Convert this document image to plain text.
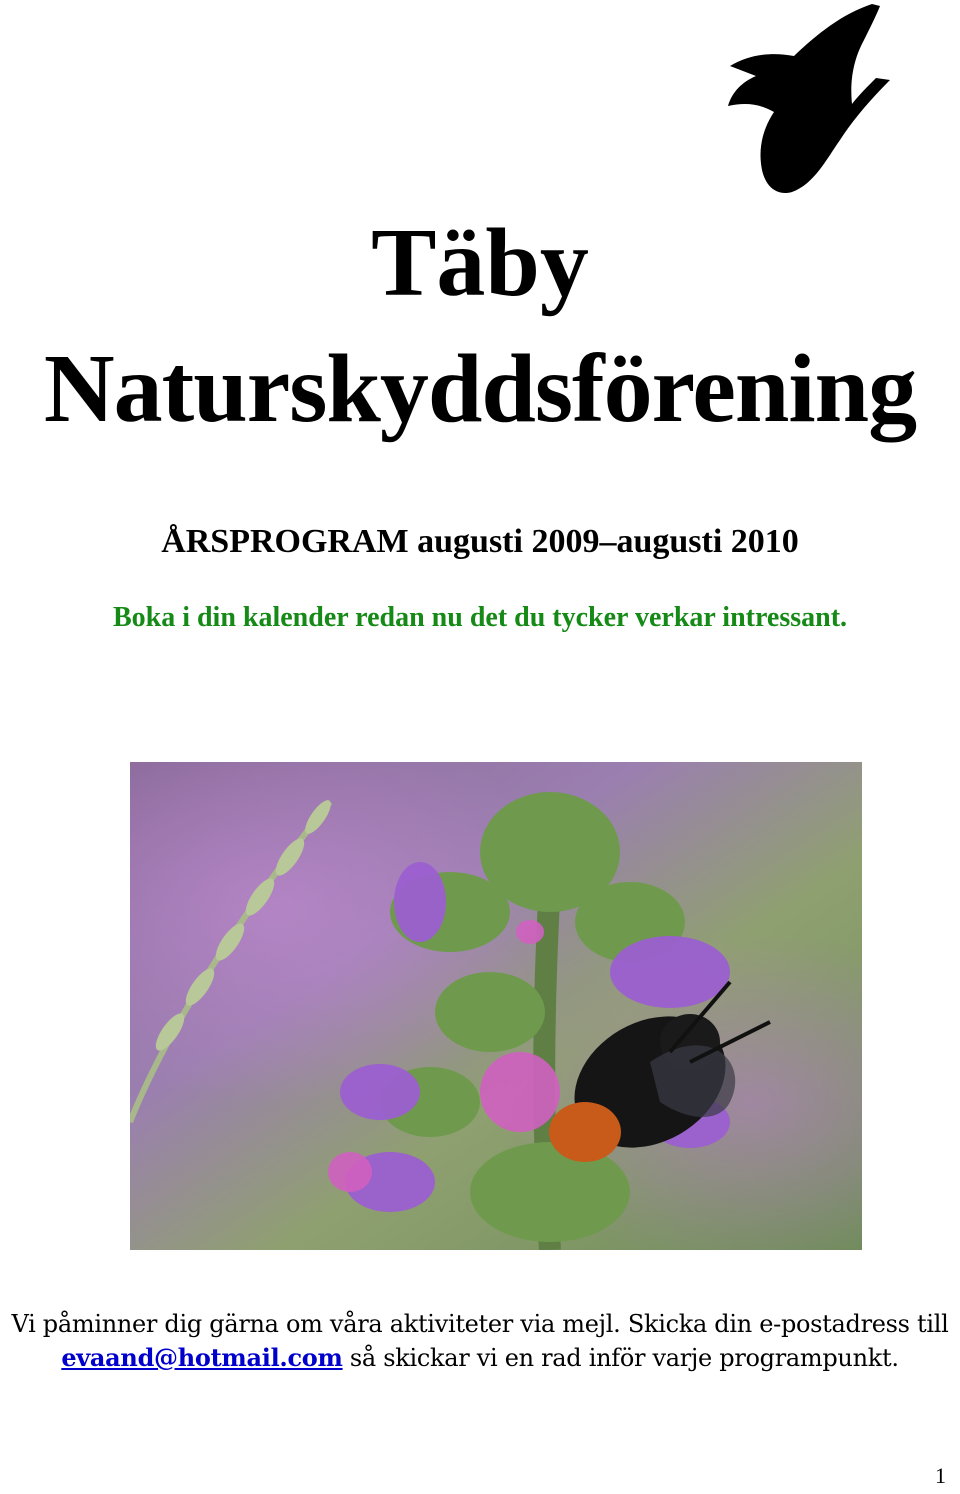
Täby
Naturskyddsförening
ÅRSPROGRAM augusti 2009–augusti 2010
Boka i din kalender redan nu det du tycker verkar intressant.
Vi påminner dig gärna om våra aktiviteter via mejl. Skicka din e-postadress till
evaand@hotmail.com så skickar vi en rad inför varje programpunkt.
1
